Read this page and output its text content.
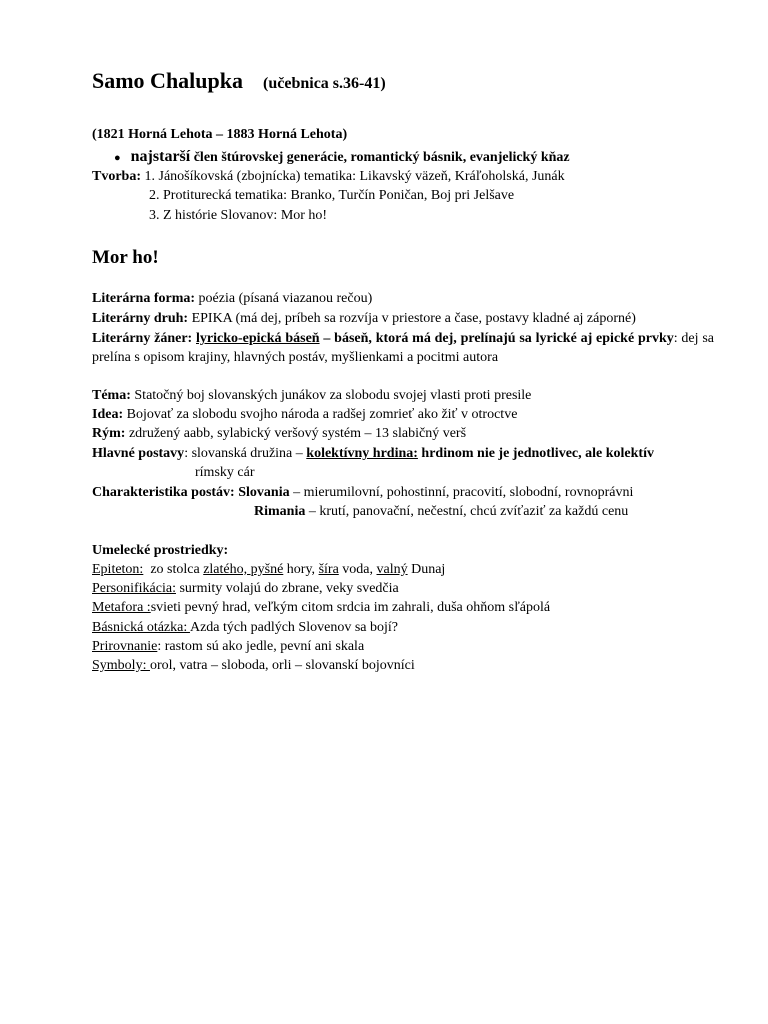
Samo Chalupka (učebnica s.36-41)
(1821 Horná Lehota – 1883 Horná Lehota)
● najstarší člen štúrovskej generácie, romantický básnik, evanjelický kňaz
Tvorba: 1. Jánošíkovská (zbojnícka) tematika: Likavský väzeň, Kráľoholská, Junák
2. Protiturecká tematika: Branko, Turčín Poničan, Boj pri Jelšave
3. Z histórie Slovanov: Mor ho!
Mor ho!
Literárna forma: poézia (písaná viazanou rečou)
Literárny druh: EPIKA (má dej, príbeh sa rozvíja v priestore a čase, postavy kladné aj záporné)
Literárny žáner: lyricko-epická báseň – báseň, ktorá má dej, prelínajú sa lyrické aj epické prvky: dej sa prelína s opisom krajiny, hlavných postáv, myšlienkami a pocitmi autora
Téma: Statočný boj slovanských junákov za slobodu svojej vlasti proti presile
Idea: Bojovať za slobodu svojho národa a radšej zomrieť ako žiť v otroctve
Rým: združený aabb, sylabický veršový systém – 13 slabičný verš
Hlavné postavy: slovanská družina – kolektívny hrdina: hrdinom nie je jednotlivec, ale kolektív
rímsky cár
Charakteristika postáv: Slovania – mierumilovní, pohostinní, pracovití, slobodní, rovnoprávni
Rimania – krutí, panovační, nečestní, chcú zvíťaziť za každú cenu
Umelecké prostriedky:
Epiteton:  zo stolca zlatého, pyšné hory, šíra voda, valný Dunaj
Personifikácia: surmity volajú do zbrane, veky svedčia
Metafora :svieti pevný hrad, veľkým citom srdcia im zahrali, duša ohňom sľápolá
Básnická otázka: Azda tých padlých Slovenov sa bojí?
Prirovnanie: rastom sú ako jedle, pevní ani skala
Symboly: orol, vatra – sloboda, orli – slovanskí bojovníci
